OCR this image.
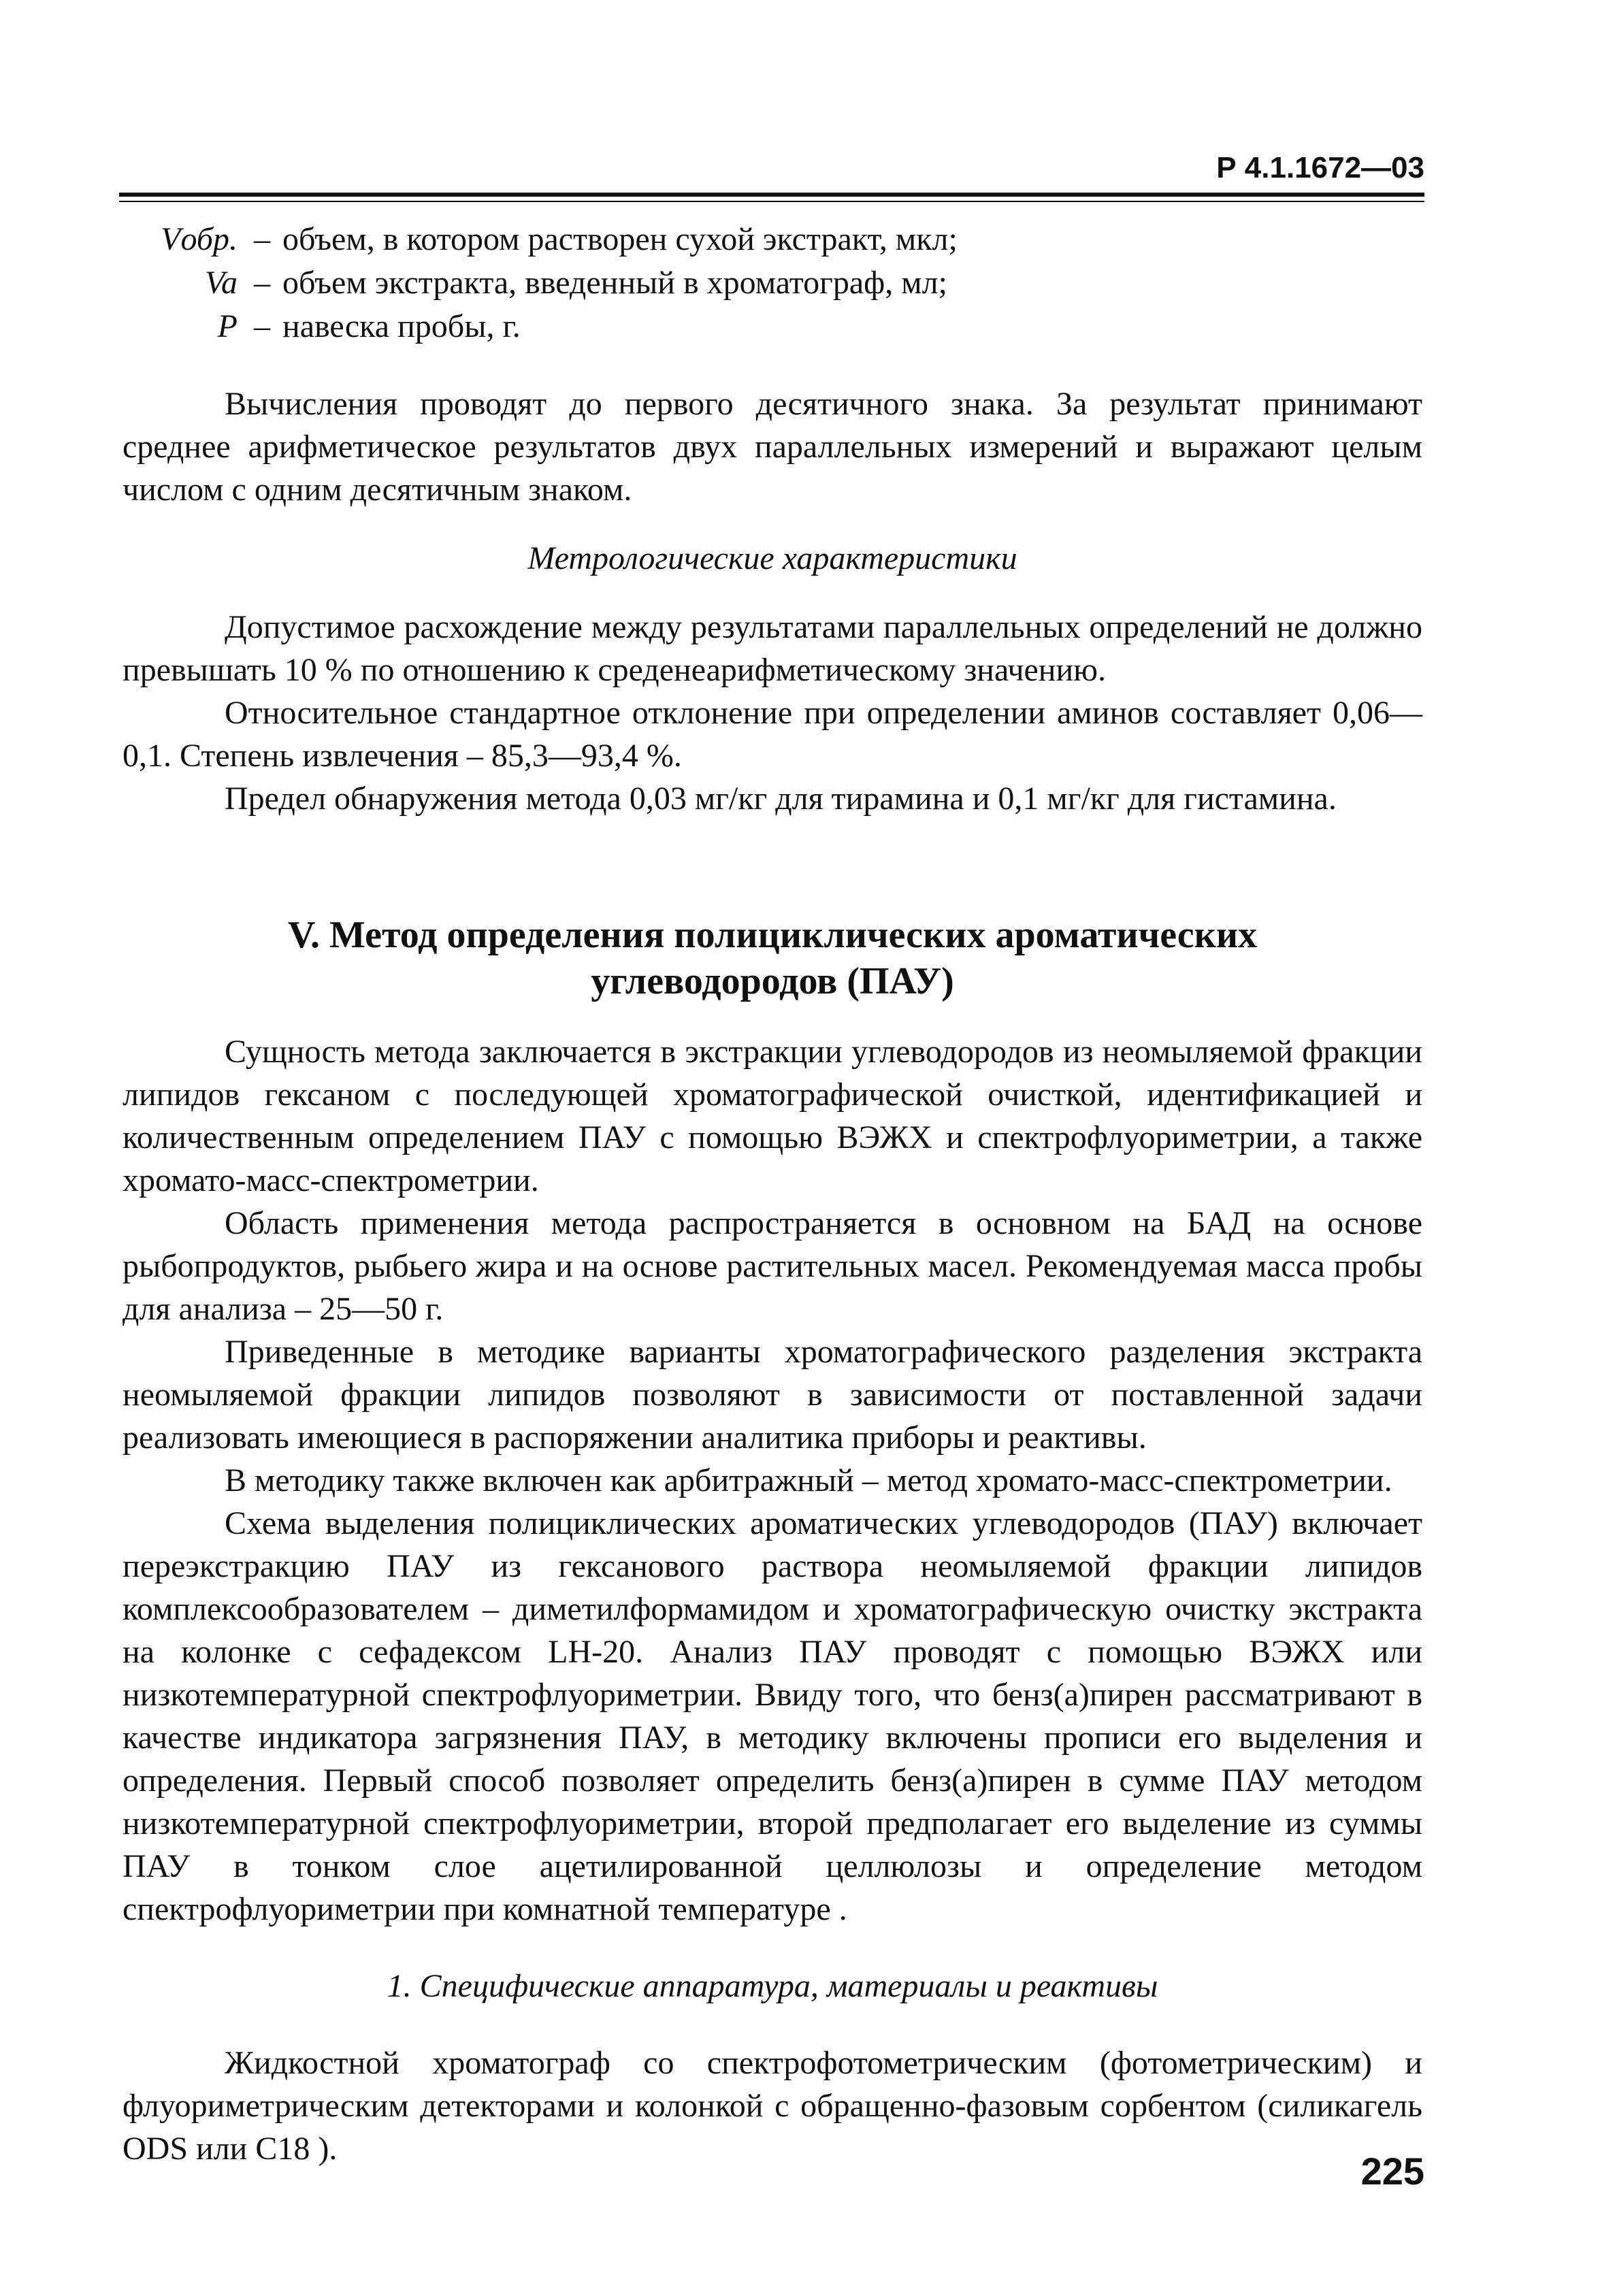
Р 4.1.1672—03
Vобр. – объем, в котором растворен сухой экстракт, мкл;
Va – объем экстракта, введенный в хроматограф, мл;
P – навеска пробы, г.

Вычисления проводят до первого десятичного знака. За результат принимают среднее арифметическое результатов двух параллельных измерений и выражают целым числом с одним десятичным знаком.

Метрологические характеристики

Допустимое расхождение между результатами параллельных определений не должно превышать 10 % по отношению к среденеарифметическому значению.

Относительное стандартное отклонение при определении аминов составляет 0,06—0,1. Степень извлечения – 85,3—93,4 %.

Предел обнаружения метода 0,03 мг/кг для тирамина и 0,1 мг/кг для гистамина.

V. Метод определения полициклических ароматических

углеводородов (ПАУ)

Сущность метода заключается в экстракции углеводородов из неомыляемой фракции липидов гексаном с последующей хроматографической очисткой, идентификацией и количественным определением ПАУ с помощью ВЭЖХ и спектрофлуориметрии, а также хромато-масс-спектрометрии.

Область применения метода распространяется в основном на БАД на основе рыбопродуктов, рыбьего жира и на основе растительных масел. Рекомендуемая масса пробы для анализа – 25—50 г.

Приведенные в методике варианты хроматографического разделения экстракта неомыляемой фракции липидов позволяют в зависимости от поставленной задачи реализовать имеющиеся в распоряжении аналитика приборы и реактивы.

В методику также включен как арбитражный – метод хромато-масс-спектрометрии.

Схема выделения полициклических ароматических углеводородов (ПАУ) включает переэкстракцию ПАУ из гексанового раствора неомыляемой фракции липидов комплексообразователем – диметилформамидом и хроматографическую очистку экстракта на колонке с сефадексом LH-20. Анализ ПАУ проводят с помощью ВЭЖХ или низкотемпературной спектрофлуориметрии. Ввиду того, что бенз(а)пирен рассматривают в качестве индикатора загрязнения ПАУ, в методику включены прописи его выделения и определения. Первый способ позволяет определить бенз(а)пирен в сумме ПАУ методом низкотемпературной спектрофлуориметрии, второй предполагает его выделение из суммы ПАУ в тонком слое ацетилированной целлюлозы и определение методом спектрофлуориметрии при комнатной температуре .

1. Специфические аппаратура, материалы и реактивы

Жидкостной хроматограф со спектрофотометрическим (фотометрическим) и флуориметрическим детекторами и колонкой с обращенно-фазовым сорбентом (силикагель ODS или С18 ).

225
